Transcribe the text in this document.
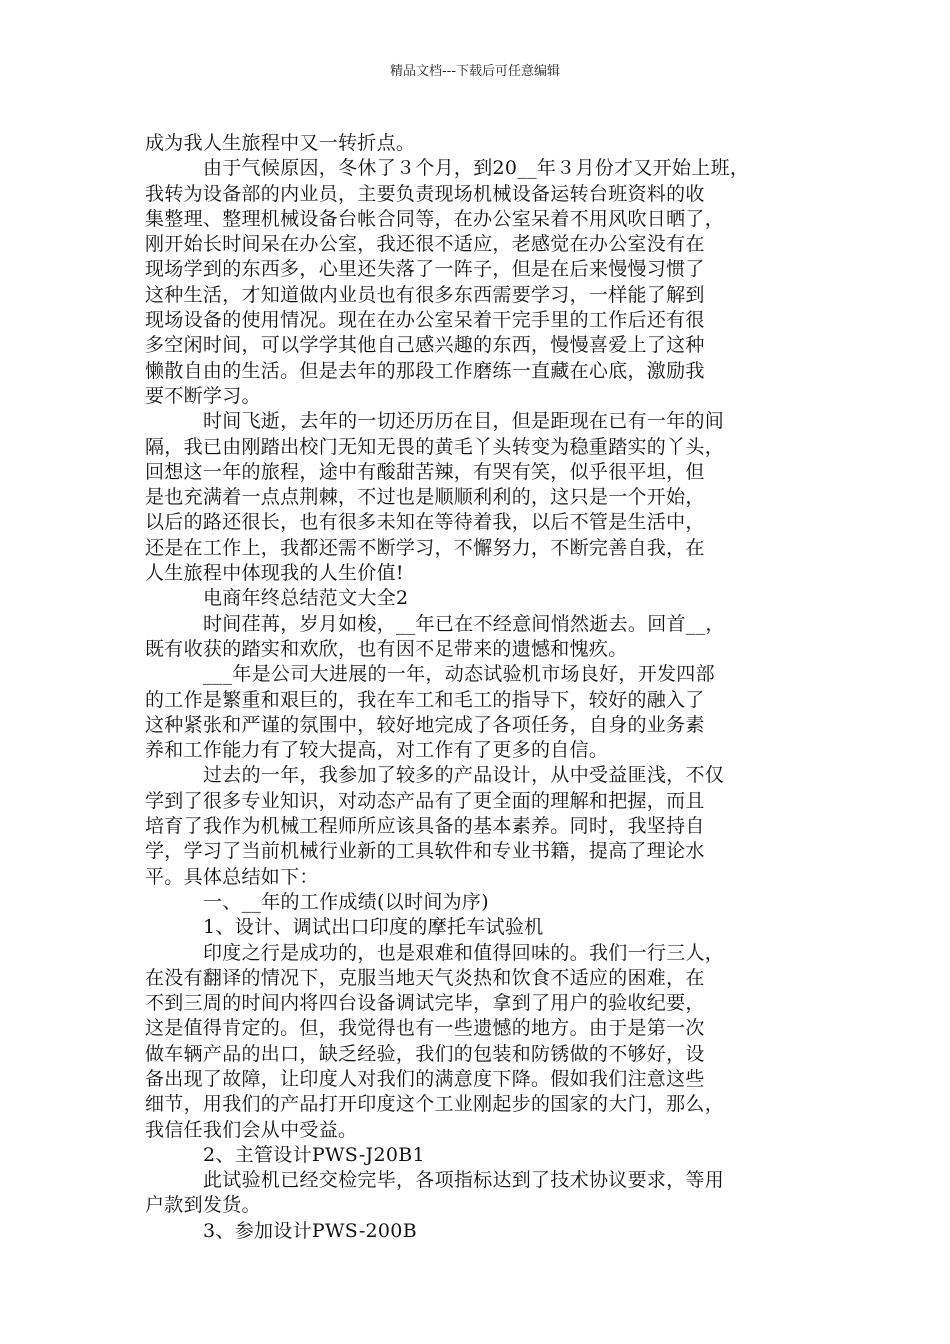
精品文档---下载后可任意编辑
成为我人生旅程中又一转折点。
由于气候原因，冬休了３个月，到20__年３月份才又开始上班，
我转为设备部的内业员，主要负责现场机械设备运转台班资料的收
集整理、整理机械设备台帐合同等，在办公室呆着不用风吹日晒了，
刚开始长时间呆在办公室，我还很不适应，老感觉在办公室没有在
现场学到的东西多，心里还失落了一阵子，但是在后来慢慢习惯了
这种生活，才知道做内业员也有很多东西需要学习，一样能了解到
现场设备的使用情况。现在在办公室呆着干完手里的工作后还有很
多空闲时间，可以学学其他自己感兴趣的东西，慢慢喜爱上了这种
懒散自由的生活。但是去年的那段工作磨练一直藏在心底，激励我
要不断学习。
时间飞逝，去年的一切还历历在目，但是距现在已有一年的间
隔，我已由刚踏出校门无知无畏的黄毛丫头转变为稳重踏实的丫头，
回想这一年的旅程，途中有酸甜苦辣，有哭有笑，似乎很平坦，但
是也充满着一点点荆棘，不过也是顺顺利利的，这只是一个开始，
以后的路还很长，也有很多未知在等待着我，以后不管是生活中，
还是在工作上，我都还需不断学习，不懈努力，不断完善自我，在
人生旅程中体现我的人生价值!
电商年终总结范文大全2
时间荏苒，岁月如梭，__年已在不经意间悄然逝去。回首__，
既有收获的踏实和欢欣，也有因不足带来的遗憾和愧疚。
___年是公司大进展的一年，动态试验机市场良好，开发四部
的工作是繁重和艰巨的，我在车工和毛工的指导下，较好的融入了
这种紧张和严谨的氛围中，较好地完成了各项任务，自身的业务素
养和工作能力有了较大提高，对工作有了更多的自信。
过去的一年，我参加了较多的产品设计，从中受益匪浅，不仅
学到了很多专业知识，对动态产品有了更全面的理解和把握，而且
培育了我作为机械工程师所应该具备的基本素养。同时，我坚持自
学，学习了当前机械行业新的工具软件和专业书籍，提高了理论水
平。具体总结如下：
一、__年的工作成绩(以时间为序)
1、设计、调试出口印度的摩托车试验机
印度之行是成功的，也是艰难和值得回味的。我们一行三人，
在没有翻译的情况下，克服当地天气炎热和饮食不适应的困难，在
不到三周的时间内将四台设备调试完毕，拿到了用户的验收纪要，
这是值得肯定的。但，我觉得也有一些遗憾的地方。由于是第一次
做车辆产品的出口，缺乏经验，我们的包装和防锈做的不够好，设
备出现了故障，让印度人对我们的满意度下降。假如我们注意这些
细节，用我们的产品打开印度这个工业刚起步的国家的大门，那么，
我信任我们会从中受益。
2、主管设计PWS-J20B1
此试验机已经交检完毕，各项指标达到了技术协议要求，等用
户款到发货。
3、参加设计PWS-200B
